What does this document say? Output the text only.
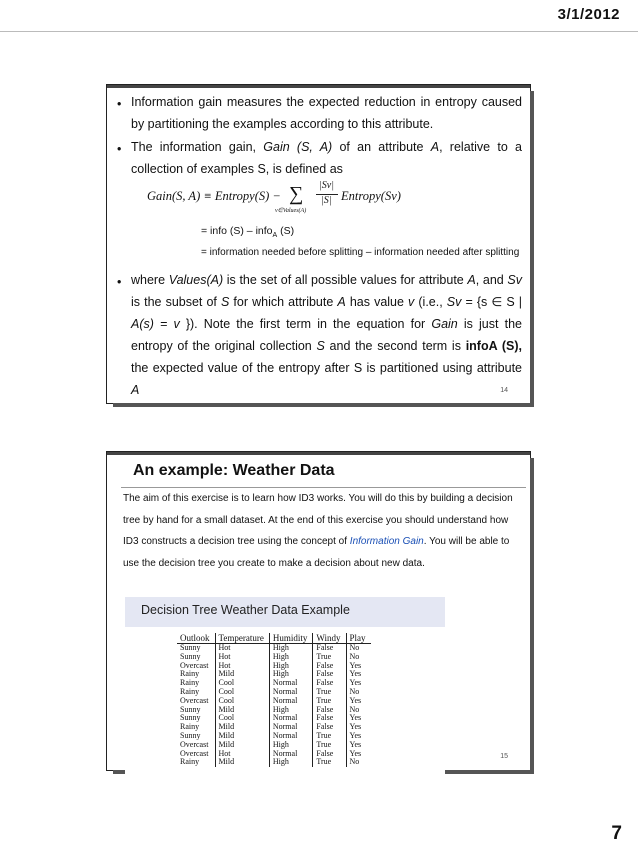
3/1/2012
• Information gain measures the expected reduction in entropy caused by partitioning the examples according to this attribute.
• The information gain, Gain (S, A) of an attribute A, relative to a collection of examples S, is defined as
Gain(S, A) ≡ Entropy(S) − ∑
v∈Values(A)
|Sv|
|S| Entropy(Sv)
= info (S) – info$_A$ (S)
= information needed before splitting – information needed after splitting
• where Values(A) is the set of all possible values for attribute A, and Sv is the subset of S for which attribute A has value v (i.e., Sv = {s ∈ S | A(s) = v }). Note the first term in the equation for Gain is just the entropy of the original collection S and the second term is infoA (S), the expected value of the entropy after S is partitioned using attribute A	14
An example: Weather Data
The aim of this exercise is to learn how ID3 works. You will do this by building a decision tree by hand for a small dataset. At the end of this exercise you should understand how ID3 constructs a decision tree using the concept of Information Gain. You will be able to use the decision tree you create to make a decision about new data.
Decision Tree Weather Data Example
Outlook	Temperature	Humidity	Windy	Play
Sunny	Hot	High	False	No
Sunny	Hot	High	True	No
Overcast	Hot	High	False	Yes
Rainy	Mild	High	False	Yes
Rainy	Cool	Normal	False	Yes
Rainy	Cool	Normal	True	No
Overcast	Cool	Normal	True	Yes
Sunny	Mild	High	False	No
Sunny	Cool	Normal	False	Yes
Rainy	Mild	Normal	False	Yes
Sunny	Mild	Normal	True	Yes
Overcast	Mild	High	True	Yes
Overcast	Hot	Normal	False	Yes
Rainy	Mild	High	True	No
15
7
